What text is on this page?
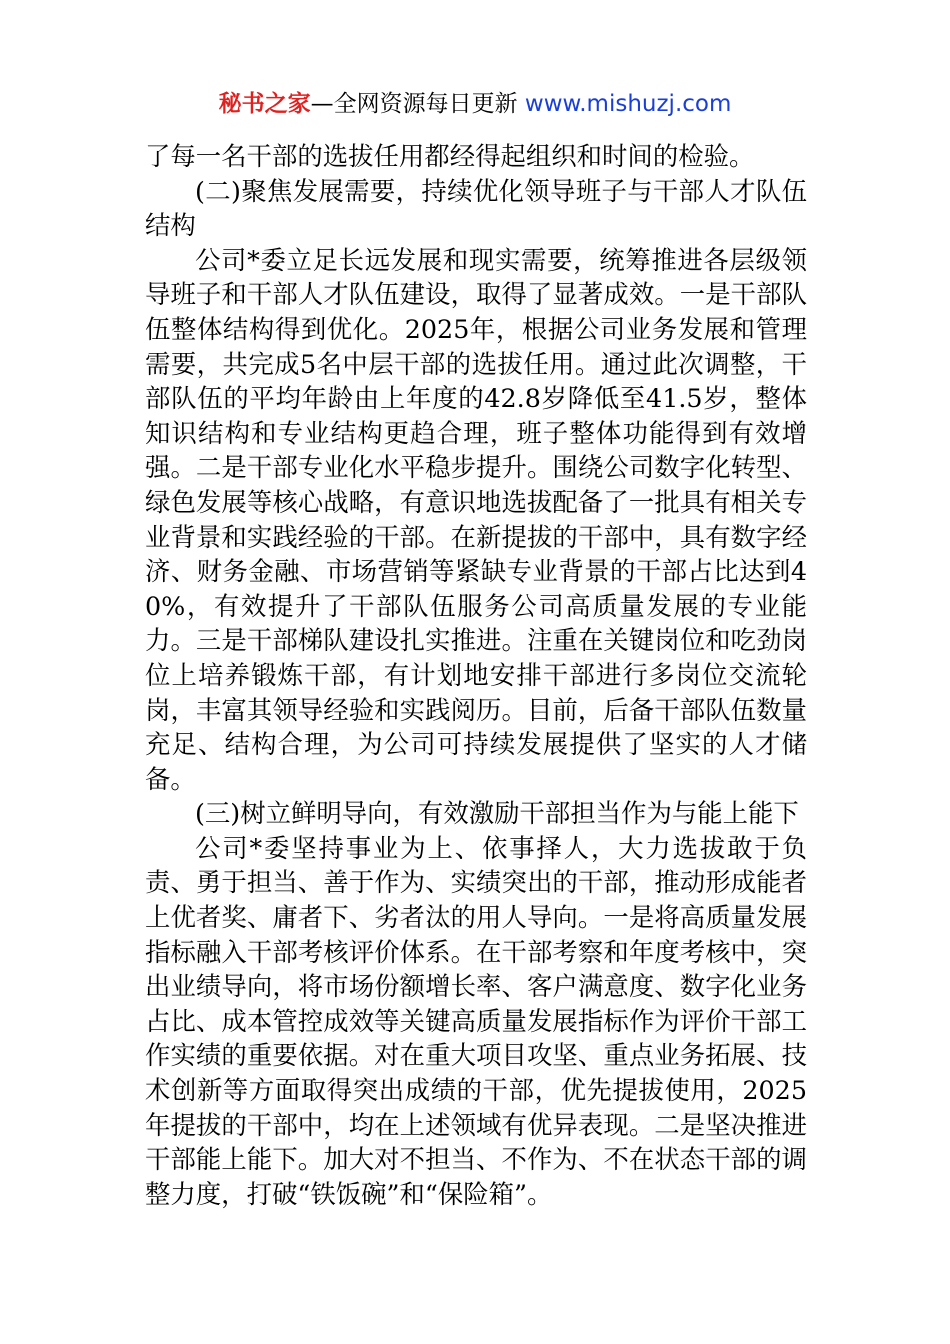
秘书之家—全网资源每日更新 www.mishuzj.com

了每一名干部的选拔任用都经得起组织和时间的检验。

(二)聚焦发展需要，持续优化领导班子与干部人才队伍结构

公司*委立足长远发展和现实需要，统筹推进各层级领导班子和干部人才队伍建设，取得了显著成效。一是干部队伍整体结构得到优化。2025年，根据公司业务发展和管理需要，共完成5名中层干部的选拔任用。通过此次调整，干部队伍的平均年龄由上年度的42.8岁降低至41.5岁，整体知识结构和专业结构更趋合理，班子整体功能得到有效增强。二是干部专业化水平稳步提升。围绕公司数字化转型、绿色发展等核心战略，有意识地选拔配备了一批具有相关专业背景和实践经验的干部。在新提拔的干部中，具有数字经济、财务金融、市场营销等紧缺专业背景的干部占比达到40%，有效提升了干部队伍服务公司高质量发展的专业能力。三是干部梯队建设扎实推进。注重在关键岗位和吃劲岗位上培养锻炼干部，有计划地安排干部进行多岗位交流轮岗，丰富其领导经验和实践阅历。目前，后备干部队伍数量充足、结构合理，为公司可持续发展提供了坚实的人才储备。

(三)树立鲜明导向，有效激励干部担当作为与能上能下

公司*委坚持事业为上、依事择人，大力选拔敢于负责、勇于担当、善于作为、实绩突出的干部，推动形成能者上优者奖、庸者下、劣者汰的用人导向。一是将高质量发展指标融入干部考核评价体系。在干部考察和年度考核中，突出业绩导向，将市场份额增长率、客户满意度、数字化业务占比、成本管控成效等关键高质量发展指标作为评价干部工作实绩的重要依据。对在重大项目攻坚、重点业务拓展、技术创新等方面取得突出成绩的干部，优先提拔使用，2025年提拔的干部中，均在上述领域有优异表现。二是坚决推进干部能上能下。加大对不担当、不作为、不在状态干部的调整力度，打破“铁饭碗”和“保险箱”。
